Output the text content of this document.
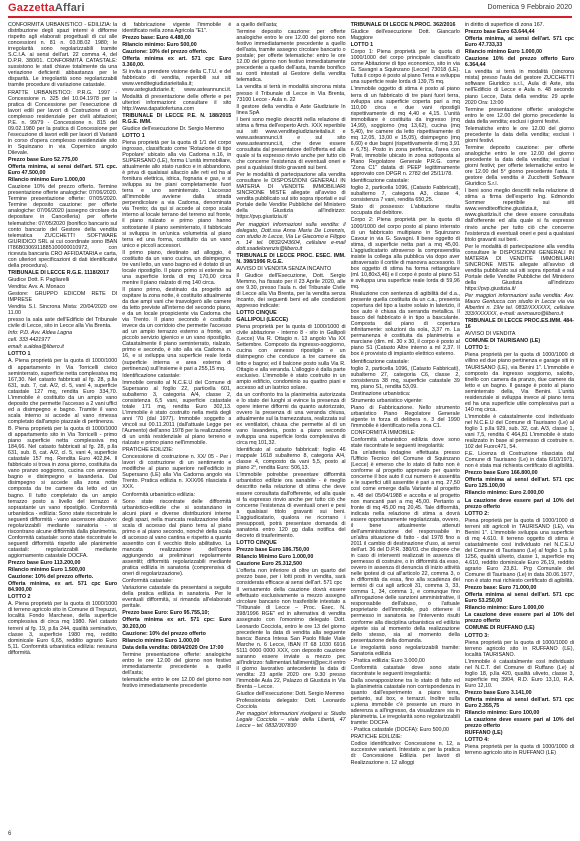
GazzettaAffari	Domenica 9 Febbraio 2020

CONFORMITÀ URBANISTICO - EDILIZIA: la distribuzione degli spazi interni è difforme rispetto agli elaborati progettuali di cui alle concessioni n. 81 n. 03.08.02 1980; le irregolarità sono regolarizzabili tramite S.C.I.A. ai sensi dell'art. 22 comma 4, del D.P.R. 380/01. CONFORMITÀ CATASTALE: sussistono le stati chiave totalmente da una veriazione deficienti abbastanza per le disparità. Le irregolarità sono regolarizzabili tramite procedure di variazione catastale.

FRATTE URBANISTICO: P.R.G. 1997 - Concessione n. 325 del 10.04.1978 per la pratica di Concessione per l'esecuzione di lavori edili per lavori di Costruzione di un complesso residenziale per civili abitazioni; P.E. n. 99/79 - Concessione n. 815 del 09.02.1980 per la pratica di Concessione per l'esecuzione di lavori edili per lavori di Varianti in corso d'opera complesso residenziale sito in Squinzano in via Copernico angolo Dilevale.

Prezzo base Euro 52.775,00

Offerta minima, ai sensi dell'art. 571 cpc. Euro 47.500,00

Rilancio minimo Euro 1.000,00

Cauzione 10% del prezzo offerto. Termine presentazione offerte analogiche: 07/06/2020. Termine presentazione offerte: 07/05/2020. Termine deposito cauzione: per offerte analogiche: 07/06/2020 (assegno circolare da depositare in Cancelleria) per offerte telematiche: 07/05/2020 (bonifico bancario sul conto bancario del Gestore della vendita telematica ZUCCHETTI SOFTWARE GIURIDICO SRL ai cui coordinate sono IBAN IT86B0306911885100000010972, con ricevuta bancaria CRO AFFIDATARIA e carta, con ulteriori specificazioni di dati identificativi della procedura).

TRIBUNALE DI LECCE R.G.E. 1118/2017

Giudice Dott. F. Pagliarelli

Vendita: Avv. A. Monaco

Gestore: GRUPPO EDICOM RETE DI IMPRESE

Vendita S.I. Sincrona Mista: 20/04/2020 ore 11.00

presso la sala aste dell'Edificio del Tribunale civile di Lecce, sito in Lecce alla Via Brenta.

Info: P.D. Avv. Aldea Lagna

cell. 333 4421977

email: a.aldea@libero.it

LOTTO 1

A. Piena proprietà per la quota di 1000/1000 di appartamento in Via Torricelli civico seminterrato, superficie netta complessiva mq 167,30. Nel catasto fabbricati al fg. 28, p.lla 631, sub. 7, cat. A/2, cl. 5, vani 4, superficie catastale 127 mq, rendita Euro 334,70. L'immobile è costituito da un ampio vano deposito che permette l'accesso a 2 vani uffici ed a disimpegno e bagno. Tramite il vano scala interno si accede al vano rimessa completato dall'ampio piazzale di pertinenza.

B. Piena proprietà per la quota di 1000/1000 di appartamento sito in Via Torricelli - primo piano superficie netta complessiva mq 184,66. Nel catasto fabbricati al fg. 28, p.lla 631, sub. 8, cat. A/2, cl. 5, vani 4, superficie catastale 157 mq. Rendita Euro 402,84. Il fabbricato si trova in zona giorno, costituita da vano pranzo soggiorno, cucina con annesso bagno e disimpegno e lavanderia. Dal disimpegno si accede alla zona notte composta da tre camere da letto ed un bagno. Il tutto completato da un ampio terrazzo posto a livello del terrazzo è soprastante un vano ripostiglio. Conformità urbanistica - edilizia: Sono state riscontrate le seguenti difformità - vano ascensore abusivo: regolarizzabili mediante sanatoria - si riscontrano alcune difformità dalla planimetria. Conformità catastale: sono state riscontrate le seguenti difformità rispetto alle planimetrie catastali: regolarizzabili mediante aggiornamento catastale DOCFA.

Prezzo base Euro 113.200,00

Rilancio minimo Euro 1.500,00

Cauzione: 10% del prezzo offerto.

Offerta minima, ex art. 571 cpc Euro 84.900,00

LOTTO 2

A. Piena proprietà per la quota di 1000/1000 di terreno agricolo sito in Comune di Trepuzzi, località Fondo Marchese, della superficie complessiva di circa mq 1980. Nel catasto terreni al fg. 19, p.lla 244, qualità seminativo, classe 3, superficie 1980 mq, reddito dominicale Euro 6,65, reddito agrario Euro 5,11. Conformità urbanistica edilizia: nessuna difformità.

di fabbricazione vigente l'immobile è identificato nella zona Agricola "E1".

Prezzo base: Euro 4.480,00

Rilancio minimo: Euro 500,00

Cauzione: 10% del prezzo offerto.

Offerta minima ex art. 571 cpc Euro 3.360,00.

Si invita a prendere visione della C.T.U. e del fabbricato di vendita, reperibili sui siti www.venditegiudiziarieitalia.it; www.astegiudiziarie.it; www.asteannunci.it. Modalità di presentazione delle offerte e per ulteriori informazioni: consultare il sito http://www.dapatiofertuna.com

TRIBUNALE DI LECCE P.E. N. 188/2015 R.G.E. IMM.

Giudice dell'esecuzione Dr. Sergio Memmo

LOTTO 1

Piena proprietà per la quota di 1/1 del corpo ingrosso, classificato come 'Rotazione di tipo Popolare' ubicato alla via Cadorna n.16, in SUPERSANO (LE), forma L'unità immobiliare, attualmente allo stato rustico e in abbandono, è priva di qualsiasi allaccio alle reti ed ha al fornitura elettrica, idrica, fognaria e gas, e si sviluppa su tre piani completamente fuori terra e uno seminterrato. L'accesso all'immobile avviene dalla strada perpendicolare a via Cadorna, denominata via Trento; da qui si accede al corpo scala interno al locale terrano del terreno sul fronte, il piano rialzato e primo piano hanno sottostante il piano seminterrato, il fabbricato si sviluppa in un'unica volumetria al piano terra ed una forma, costituito da un vano unico e piccoli accessori.

Il primo piano, destinato ad alloggio, è costituito da un vano cucina, un disimpegno, tre vani letto, un vano bagno ed è dotato di un locale ripostiglio. Il piano primo si estende su una superficie lorda di mq 170,00 circa mentre il piano rialzato di mq 140 circa.

Il piano primo, destinato da progetto ad ospitare la zona notte, è costituito attualmente da due ampi vani che trasvolgerò alle camere da letto previste all'interno del secondo piano, e da un locale prospiciente via Cadorna che via Trento. Il piano secondo è costituito invece da un corridoio che permette l'accesso ad un ampio terrazzo esterno a fronte, un piccolo servizio igienico e un vano ripostiglio. Catastalmente il piano seminterrato, rialzato, primo e secondo, è sito alla via Cadorna n. 16, e si sviluppa una superficie reale lorda (superficie interna e area esterna di pertinenza) sull'insieme è pari a 255,15 mq.

Identificazione catastale:

Immobile censito al N.C.E.U del Comune di Supersano al foglio 22, particella 601, subalterno 3, categoria A/4, classe 2, consistenza 6,5 vani, superficie catastale totale 171 mq, rendita Euro 302,13. L'immobile è stato costruito nella metà degli anni '70 (dal 1977). Immobile soggetto a vincoli sui 00.11.2011 (dall'attuale Legge per l'Aumento) dell'anno 1978 per la realizzazione di un unità residenziale al piano terreno e rialzato e primo piano nell'immobile.

PRATICHE EDILIZIE:

Concessione di costruzione n. XX/ 05 - Per i lavori di costruzione di un sentimento e modifiche al piano superiore nell'edificio in Supersano (LE) alla Via Cadorna angolo via Trento. Pratica edilizia n. XXX/06 rilasciata il XXX.

Conformità urbanistico edilizia:

Sono state riscontrate delle difformità urbanistico-edilizie che si sostanziano in alcuni piani e diverse distribuzioni interne degli spazi, nella mancata realizzazione della scala di accesso dal piano terra al piano primo e al piano secondo, nonché della scala di accesso al vano cantina e rispetto a quanto assentito con il vecchio titolo abilitativo. La mancata realizzazione dell'opera aggiungendo ai preliminari regolarmente assentiti; difformità regolarizzabili mediante pratica edilizia in sanatoria (comprensiva di oneri di regolarizzazione).

Conformità catastale:

Variazione catastale da presentarsi a seguito della pratica edilizia in sanatoria. Per le eventuali difformità, si rimanda all'elaborato peritale.

Prezzo base Euro: Euro 95.755,10;

Offerta minima ex art. 571 cpc: Euro 30.203,00

Cauzione: 10% del prezzo offerto

Rilancio minimo Euro 1.000,00

Data della vendita: 08/04/2020 Ore 17:00

Termine presentazione offerte: analogiche entro le ore 12.00 del giorno non festivo immediatamente precedente a quello dell'asta;

telematiche entro le ore 12.00 del giorno non festivo immediatamente precedente

a quello dell'asta;

Termine deposito cauzione: per offerte analogiche entro le ore 12.00 del giorno non festivo immediatamente precedente a quello dell'asta, tramite assegno circolare bancario o postale; per offerte telematiche: entro le ore 12.00 del giorno non festivo immediatamente precedente a quello dell'asta, tramite bonifico su conti intestati al Gestore della vendita telematica.

La vendita si terrà in modalità sincrona mista presso il Tribunale di Lecce in Via Brenta, 73100 Lecce - Aula n. 22

Il gestore della vendita è Aste Giudiziarie In linea SpA

I beni sono meglio descritti nella relazione di stima a firma dell'esperto Arch. XXX reperibile sui siti www.venditegiudiziarieitalia.it e www.asteannunci.it e sul sito www.asteannunci.it, che deve essere consultata dal presentatore dell'offerta ed alla quale si fa espresso rinvio anche per tutto ciò che concerne l'esistenza di eventuali oneri e pesi a qualsiasi titolo gravanti sui beni.

Per le modalità di partecipazione alla vendita consultare le DISPOSIZIONI GENERALI IN MATERIA DI VENDITE IMMOBILIARI SINCRONE MISTE allegate all'avviso di vendita pubblicato sul sito sopra riportati e sul Portale delle Vendite Pubbliche del Ministero della Giustizia all'indirizzo: https://pvp.giustizia.it/

Per maggiori informazioni sulla vendita: il delegato, Dott.ssa Anna Maria De Lorenzis, con studio in Lecce, Via Le Giacomo e Filippo n. 14 tel. 0832/243604, cellulare e-mail dott.ssadelorenzis@libero.it

TRIBUNALE DI LECCE PROC. ESEC. IMM. N. 398/1996 R.G.E.

AVVISO DI VENDITA SENZA INCANTO

Il Giudice dell'Esecuzione, Dott. Sergio Memmo, ha fissato per il 23 Aprile 2020, alle ore 9.30, presso l'aula n. del Tribunale Civile di Lecce alla Via Brenta, per la vendita senza incanto, dei seguenti beni ed alle condizioni appresso indicate:

LOTTO CINQUE

GALLIPOLI (LECCE)

Piena proprietà per la quota di 1000/1000 di civile abitazione - interno 8 - sito in Gallipoli (Lecce) Via R. Ottagio n. 13 angolo Via XX Settembre. Composto da ingresso-soggiorno, cucina con annesso ripostiglio e un disimpegno che conduce a tre camere da letto e bagno; ed il balcone posto sulla Via R. Ottagio e alla veranda. L'alloggio è dalla parte esclusivo. L'immobile è stato costruito in un ampio edificio, condominio su quattro piani e accesso ad un lastrico solare.

da un confronto tra la planimetria autorizzata e lo stato dei luoghi si evince la presenza di opere interne difformi da quanto autorizzato, ovvero la presenza di una veranda chiusa, attualmente sul la tramezzatura, realizzata sul ex ventilatori, chiusa che permette al di un vano lavanderia, posto a piano secondo sviluppa una superficie lorda complessiva di circa mq 101,32.

Identificato al catasto fabbricati: foglio 46 mappale 1618 subalterno 8, categoria A/4, classe 4, composto da vani 5,5, posto al piano 2°, rendita Euro: 506,13.

L'immobile potrebbe presentare difformità urbanistico edilizie ora sanabile - è meglio descritto nella relazione di stima che deve essere consultata dall'offerente, ed alla quale si fa espresso rinvio anche per tutto ciò che concerne l'esistenza di eventuali oneri e pesi a qualsiasi titolo gravanti sui beni. L'aggiudicatario, qualora ne ricorrano i presupposti, potrà presentare domanda di sanatoria entro 120 gg dalla notifica del decreto di trasferimento.

LOTTO CINQUE

Prezzo base Euro 186.750,00

Rilancio Minimo Euro 1.000,00

Cauzione Euro 25.312,500

L'offerta non inferiore di oltre un quarto del prezzo base, per i lotti posti in vendita, sarà considerata efficace ai sensi dell'art. 571 cpc

Il versamento della cauzione dovrà essere effettuato esclusivamente a mezzo assegno circolare bancario non trasferibile intestato a "Tribunale di Lecce – Proc. Esec. N. 398/1996 RGE" ed in alternativa di vendita assegnato con l'omonimo delegato Dott. Leonardo Cocciola, entro le ore 13 del giorno precedente la data di vendita alla seguente banca: Banca Intesa San Paolo filiale Viale Marche n. 6 Lecce, IBAN IT 68 1030 6916 5111 0000 0000 XXX, con deposito cauzione saranno essere inviate a mezzo pec all'indirizzo: fallimentari.fallimenti@pec.it entro il giorno lavorativo antecedente la data di vendita: 23 aprile 2020 ore 9.30 presso l'immobile Aula 22, Palazzo di Giustizia in Via Brenta – Lecce.

Giudice dell'esecuzione: Dott. Sergio Memmo

Professionista delegato: Dott. Leonardo Cocciola

Per maggiori informazioni rivolgersi a: Studio Legale Cocciola – viale della Libertà, 47 Lecce – tel. 0832/307830

TRIBUNALE DI LECCE N.PROC. 362/2016

Giudice dell'esecuzione Dott. Giancarlo Maggiore

LOTTO 1

Corpo 1: Piena proprietà per la quota di 1000/1000 del corpo principale classificato come Abitazione di tipo economico, sito in via G. Savagni a Squinzano (Lecce) 73018 (LE). Tutta il corpo è posto al piano Terra e sviluppa una superficie reale lorda di 139,75 mq.

L'immobile oggetto di stima è posto al piano terra di un fabbricato di tre piani fuori terra, sviluppa una superficie coperta pari a mq 110,00 circa e due vani ripostigli rispettivamente di mq 4,40 e 4,15. L'unità immobiliare è costituita da ingresso (mq 14,99), soggiorno (mq 13,62), cucina (mq 5,40), tre camere da letto rispettivamente di mq 12,05, 13,00 e 15,05), disimpegno (mq 6,60) e due bagni (rispettivamente di mq 3,91 e 6,75). Posto in zona periferica, l'area con Prati, immobile ubicato in zona sottoposta al Piano Regolatore Generale P.R.G. come "Zona C1" datata di PEEP legittimamente approvato con DPGR n. 2782 del 25/11/78.

Identificazione catastale:

foglio 2, particella 1096, (Catasto Fabbricati), subalterno 7, categoria A3, classe 4, consistenza 7 vani, rendita 650,25.

Stato di possesso: L'abitazione risulta occupata dal debitore.

Corpo 2: Piena proprietà per la quota di 1000/1000 del corpo posto al piano interrato di un fabbricato multipiano in Squinzano Cavour in via G. Savagni. Il bene oggetto di stima, di superficie netta pari a mq 45,00. L'aggiudicatario attraverso la compravendita insiste la collega alla pubblica via dopo aver attraversato il cortile di manovra accessorio. Il box oggetto di stima ha forma rettangolare (ml. 10,80x3,46) e il corpo è posto al piano S1 e sviluppa una superficie reale lorda di 59,96 mq.

Rivaluzione con sentenza di agibilità del d.a., presente quella costituita da un c.a., presenta copertura del tipo a lastre solaio in laterizio, il box auto è chiusa da serranda metallica. Il basco del fabbricato è in tipo a basculante. Composta dal piano di copertura infinitamente: soluzioni da sola, 3,37 m. La permanenza è costituita da planimetria e marciane (dim. ml. 30 x 30, il corpo è posto al piano S1 (Catasto Altre interno a ml 2,37. Il box è provvisto di impianto elettrico esterno.

Identificazione catastale:

foglio 2, particella 1096, (Catasto Fabbricati), subalterno 27, categoria C6, classe 2, consistenza 38 mq, superficie catastale 39 mq, piano S1, rendita 53,09.

Destinazione urbanistica:

Strumento urbanistico vigente:

Piano di Fabbricazione. Nello strumento urbanistico Piano Regolatore Generale vigente in forza di delibera n. 3 del 1990 l'immobile è identificato nella zona C1.

CONFORMITÀ IMMOBILE:

Conformità urbanistico edilizia dove sono state riscontrate le seguenti irregolarità:

Da un'attenta indagine effettuata presso l'Ufficio Tecnico del Comune di Squinzano (Lecce) è emerso che lo stato di fatto non è conforme al progetto approvato per quanto concerne il box auto il cui numero è assentita e le superfici utili assentite è pari a mq. 27,50 così come emerge dalla Variante al progetto n. 48 del 05/04/1988 e accolta e al progetto non mancanti pari a mq 45,00. Pertanto a fronte di mq 45,00 mq 20,45. Tale difformità, indicata nella relazione di stima a dovrà essere opportunamente regolarizzata, ovvero, il bene attualmente attenuti dell'amministrazione del responsabile in un'altra situazione di fatto - dal 1978 fino a 2011 il cambio di destinazione d'uso, ai sensi dell'art. 36 del D.P.R. 380/01 che dispone che in caso di interventi realizzati in assenza di permesso di costruire, o in difformità da esso, ovvero in assenza di denuncia di inizio attività nelle ipotesi di cui all'articolo 22, comma 3, o in difformità da essa, fino alla scadenza dei termini di cui agli articoli 31, comma 3, 33, comma 1, 34, comma 1, e comunque fino all'irrogazione delle sanzioni amministrative, il responsabile dell'abuso, o l'attuale proprietario dell'immobile, può ottenere il permesso in sanatoria se l'intervento risulti conforme alla disciplina urbanistica ed edilizia vigente sia al momento della realizzazione dello stesso, sia al momento della presentazione della domanda.

Le irregolarità sono regolarizzabili tramite: Sanatoria edilizia

- Pratica edilizia: Euro 3.000,00

Conformità catastale dove sono state riscontrate le seguenti irregolarità:

Dalla sovrapposizione tra lo stato di fatto ed la planimetria catastale non corrispondenza in quanto dall'esperimento a piano terra, pertanto, sul box, e terrazzi. Inoltre sulla u.piena immobile c'è presente un muro in aderenza a all'ingresso, da visualizzare sia in planimetria. Le irregolarità sono regolarizzabili tramite: DOCFA

- Pratica catastale (DOCFA): Euro 500,00

PRATICHE EDILIZIE:

Codice identificativo: Concessione n. 12, a successive varianti. Intestato a: per la pratica di: Concessione Edilizia per lavori di Realizzazione n. 12 alloggi

in diritto di superficie di zona 167.

Prezzo base Euro 63.644,44

Offerta minima, ai sensi dell'art. 571 cpc Euro 47.733,33

Rilancio minimo Euro 1.000,00

Cauzione 10% del prezzo offerto Euro 6.364,44

La vendita si terrà in modalità (sincrona mista) presso l'aula del gestore ZUCCHETTI software Giuridico s.r.l., Aula di Aste, sita nell'Edificio di Lecce e Aula n. 48 secondo piano Lecce, Data della vendita: 29 aprile 2020 Ora: 13:00

Termine presentazione offerte: analogiche entro le ore 12.00 del giorno precedente la data della vendita; esclusi i giorni festivi.

Telematiche entro le ore 12.00 del giorno precedente la data della vendita; esclusi i giorni festivi.

Termine deposito cauzione: per offerte analogiche entro le ore 12.00 del giorno precedente la data della vendita; esclusi i giorni festivi; per offerte telematiche entro le ore 12.00 del 5° giorno precedente l'asta. Il gestore della vendita è Zucchetti Software Giuridico S.r.l.

I beni sono meglio descritti nella relazione di stima a firma dell'esperto Ing. Edmondo Sommer reperibile sui siti www.venditeofficine.giustizia.it, www.giustizia.it che deve essere consultata dall'offerente ed alla quale si fa espresso rinvio anche per tutto ciò che concerne l'esistenza di eventuali oneri e pesi a qualsiasi titolo gravanti sui beni.

Per le modalità di partecipazione alla vendita consultare le DISPOSIZIONI GENERALI IN MATERIA DI VENDITE IMMOBILIARI SINCRONE MISTE allegate all'avviso di vendita pubblicato sui siti sopra riportati e sul Portale delle Vendite Pubbliche del Ministero della Giustizia all'indirizzo https://pvp.giustizia.it/

Per maggiori informazioni sulla vendita: Avv. Mauro Gentucca con studio in Lecce via via Albertini n. 19/e tel. 0832/XXXXXX, cellulare 333/XXXXXX, e-mail: avvmauro@libero.it

TRIBUNALE DI LECCE PROC.ES.IMM. 484-16

AVVISO DI VENDITA

COMUNE DI TAURISANO (LE)

LOTTO 1:

Piena proprietà per la quota di 1000/1000 di villino ed due piano pertinenza e garage siti in TAURISANO (LE), via Benini 1". L'immobile è composto da ingresso soggiorno, salotto, tinello con camera da pranzo, due camere da letto e un bagno. Il garage è posto al piano seminterrato della, Via Benini. L'unità residenziale si sviluppa invece al piano terra ed ha una superficie utile complessiva pari a 140 mq circa.

L'immobile è catastalmente così individuato nel N.C.E.U del Comune di Taurisano (Le) al foglio 1 p.lla 929, sub. 32, cat. A/3, classe 1, vani 7,5, rendita € 464,81 L'immobile è stato realizzato in base al permesso di costruire n. 102 del Fuorc471, 54.

F.E. Licenza di Costruzione rilasciata dal Comune di Taurisano (Le) in data 6/10/1971, non è stata mai richiesta certificato di agibilità.

Prezzo base Euro 166.800,00

Offerta minima ai sensi dell'art. 571 cpc Euro 125.100,00

Rilancio minimo: Euro 2.000,00

La cauzione deve essere pari al 10% del prezzo offerto

LOTTO 2:

Piena proprietà per la quota di 1000/1000 di terreni siti agricoli in TAURISANO (LE), via Benini 1". L'immobile sviluppa una superficie di mq 4.610. Il terreno oggetto di stima è catastalmente così individuato nel N.C.E.U del Comune di Taurisano (Le) al foglio 1 p.lla 1256, qualità uliveto, classe 1, superficie mq 4.610, reddito dominicale Euro 26,19, reddito agrario Euro 23,81. Prg Comunale del Comune di Taurisano (Le) in data 30.06.1977, non è stato mai richiesto certificato di agibilità.

Prezzo base: Euro 71.000,00

Offerta minima ai sensi dell'art. 571 cpc Euro 53.250,00

Rilancio minimo: Euro 1.000,00

La cauzione deve essere pari al 10% del prezzo offerto

COMUNE DI RUFFANO (LE)

LOTTO 3:

Piena proprietà per la quota di 1000/1000 di terreno agricolo sito in RUFFANO (LE), località TAURISANO.

L'immobile è catastalmente così individuato nel N.C.T. del Comune di Ruffano (Le) al foglio 18, p.lla 420, qualità uliveto, classe 3, superficie mq 3904, R.D. Euro 13,10, R.A. Euro 12,10.

Prezzo base Euro 3.141,00

Offerta minima ai sensi dell'art. 571 cpc Euro 2.355,75

Rilancio minimo: Euro 100,00

La cauzione deve essere pari al 10% del prezzo offerto

RUFFANO (LE)

LOTTO 4:

Piena proprietà per la quota di 1000/1000 di terreno agricolo sito in RUFFANO (LE)

6
